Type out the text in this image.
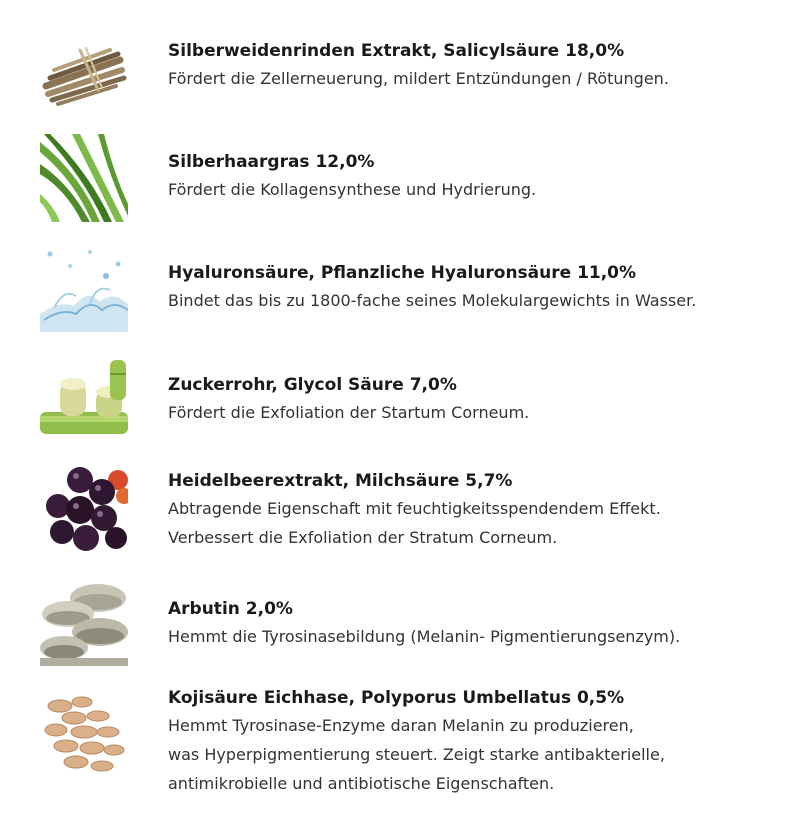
Silberweidenrinden Extrakt, Salicylsäure 18,0%
Fördert die Zellerneuerung, mildert Entzündungen / Rötungen.
Silberhaargras 12,0%
Fördert die Kollagensynthese und Hydrierung.
Hyaluronsäure, Pflanzliche Hyaluronsäure 11,0%
Bindet das bis zu 1800-fache seines Molekulargewichts in Wasser.
Zuckerrohr, Glycol Säure 7,0%
Fördert die Exfoliation der Startum Corneum.
Heidelbeerextrakt, Milchsäure 5,7%
Abtragende Eigenschaft mit feuchtigkeitsspendendem Effekt.
Verbessert die Exfoliation der Stratum Corneum.
Arbutin 2,0%
Hemmt die Tyrosinasebildung (Melanin- Pigmentierungsenzym).
Kojisäure Eichhase, Polyporus Umbellatus 0,5%
Hemmt Tyrosinase-Enzyme daran Melanin zu produzieren,
was Hyperpigmentierung steuert. Zeigt starke antibakterielle,
antimikrobielle und antibiotische Eigenschaften.
